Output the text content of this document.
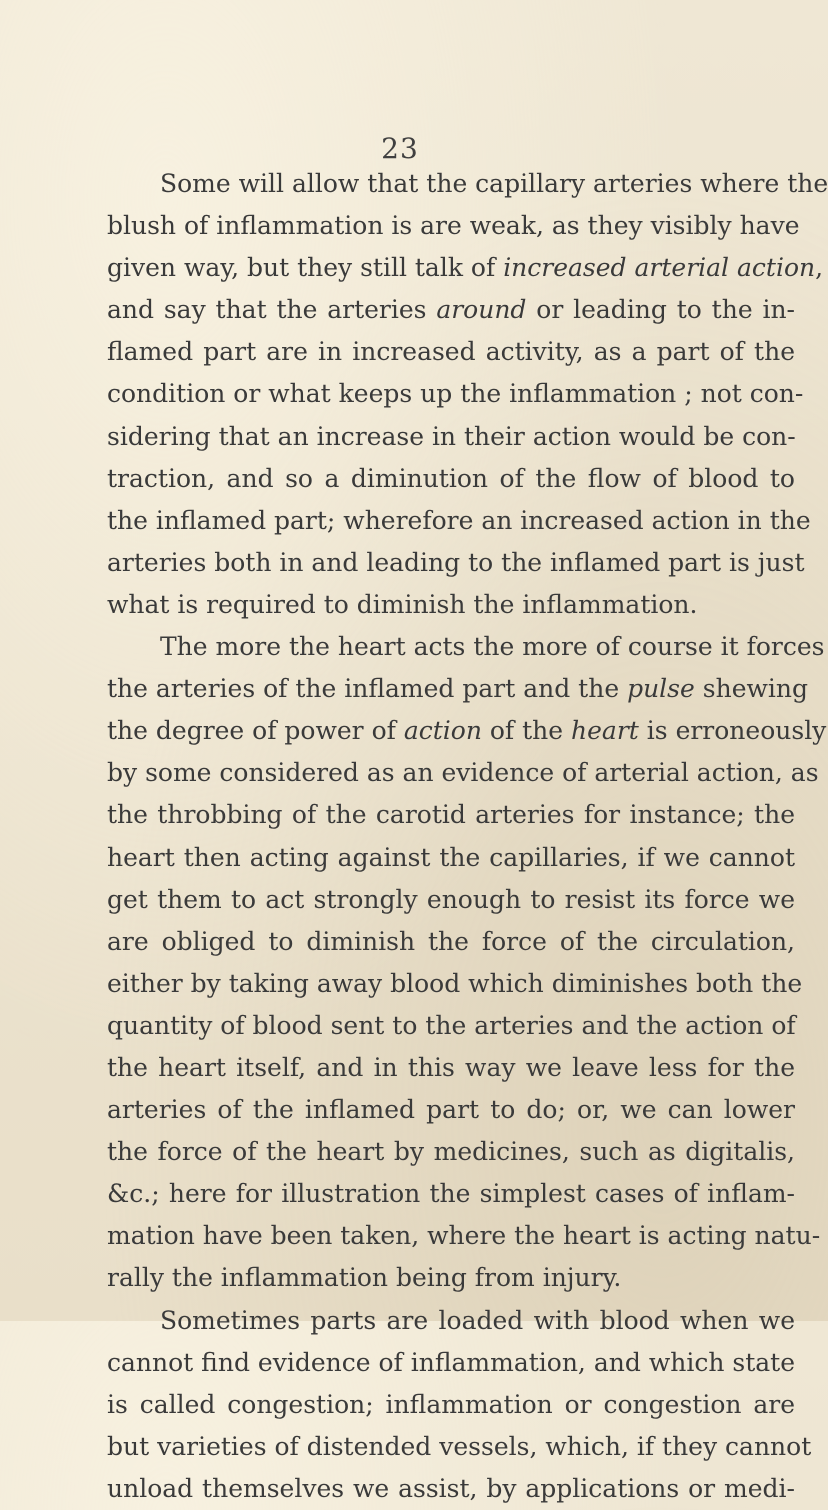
23
Some will allow that the capillary arteries where the
blush of inflammation is are weak, as they visibly have
given way, but they still talk of increased arterial action,
and say that the arteries around or leading to the in-
flamed part are in increased activity, as a part of the
condition or what keeps up the inflammation ; not con-
sidering that an increase in their action would be con-
traction, and so a diminution of the flow of blood to
the inflamed part; wherefore an increased action in the
arteries both in and leading to the inflamed part is just
what is required to diminish the inflammation.
The more the heart acts the more of course it forces
the arteries of the inflamed part and the pulse shewing
the degree of power of action of the heart is erroneously
by some considered as an evidence of arterial action, as
the throbbing of the carotid arteries for instance; the
heart then acting against the capillaries, if we cannot
get them to act strongly enough to resist its force we
are obliged to diminish the force of the circulation,
either by taking away blood which diminishes both the
quantity of blood sent to the arteries and the action of
the heart itself, and in this way we leave less for the
arteries of the inflamed part to do; or, we can lower
the force of the heart by medicines, such as digitalis,
&c.; here for illustration the simplest cases of inflam-
mation have been taken, where the heart is acting natu-
rally the inflammation being from injury.
Sometimes parts are loaded with blood when we
cannot find evidence of inflammation, and which state
is called congestion; inflammation or congestion are
but varieties of distended vessels, which, if they cannot
unload themselves we assist, by applications or medi-
